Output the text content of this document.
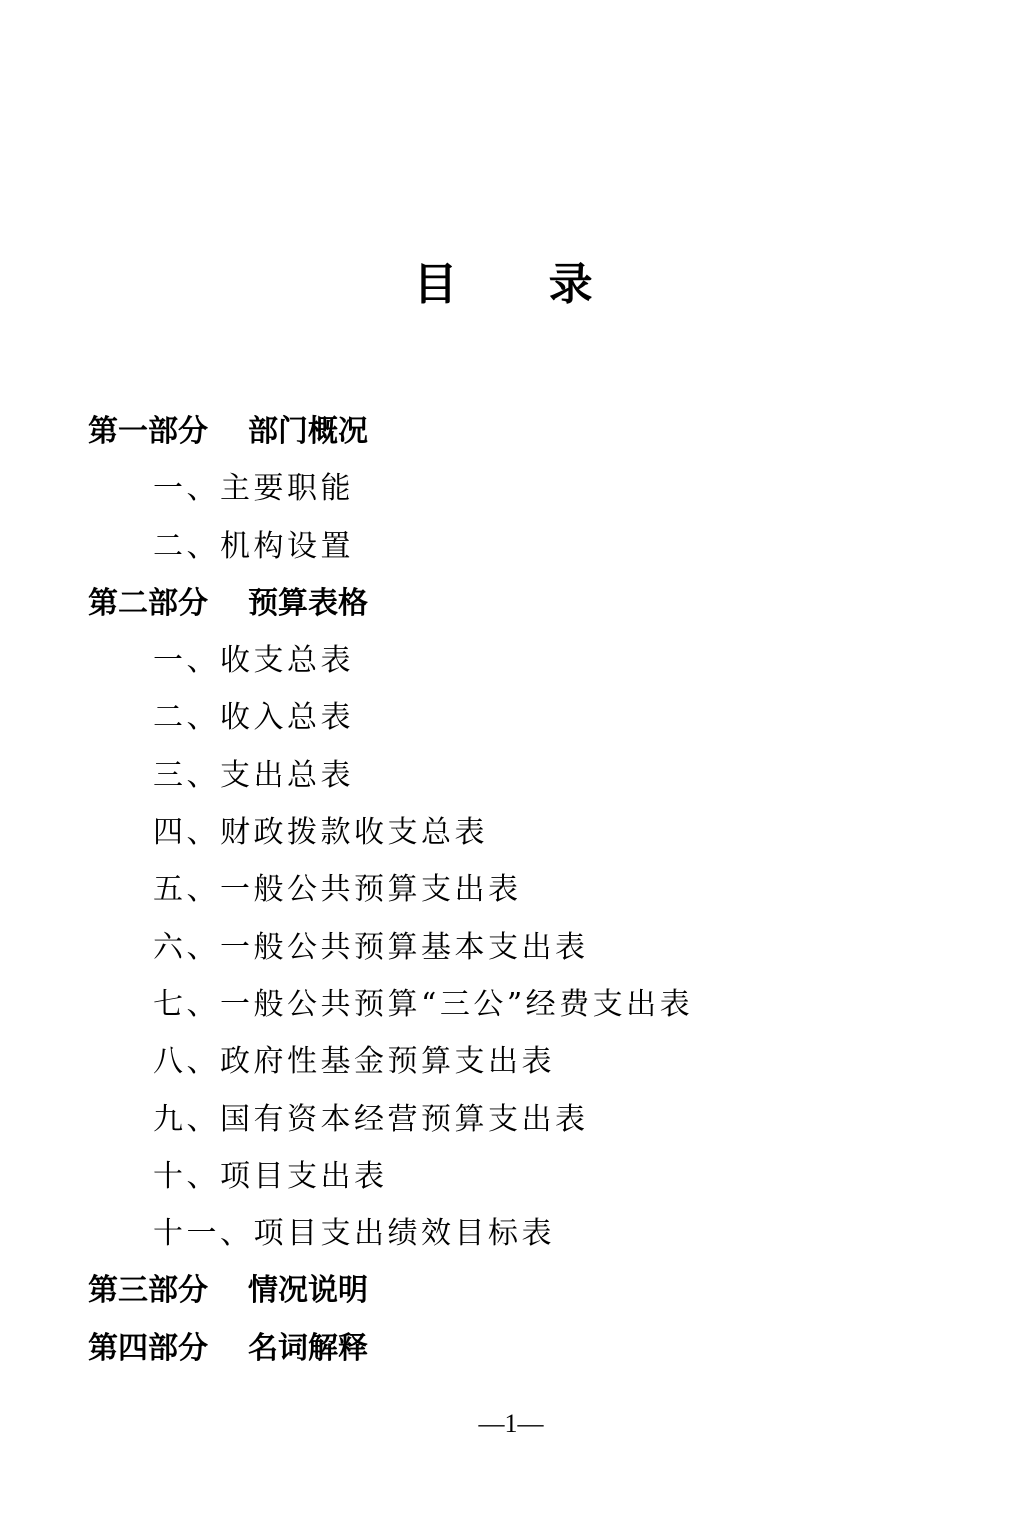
目 录
第一部分	部门概况
一、主要职能
二、机构设置
第二部分	预算表格
一、收支总表
二、收入总表
三、支出总表
四、财政拨款收支总表
五、一般公共预算支出表
六、一般公共预算基本支出表
七、一般公共预算“三公”经费支出表
八、政府性基金预算支出表
九、国有资本经营预算支出表
十、项目支出表
十一、项目支出绩效目标表
第三部分	情况说明
第四部分	名词解释
—1—
